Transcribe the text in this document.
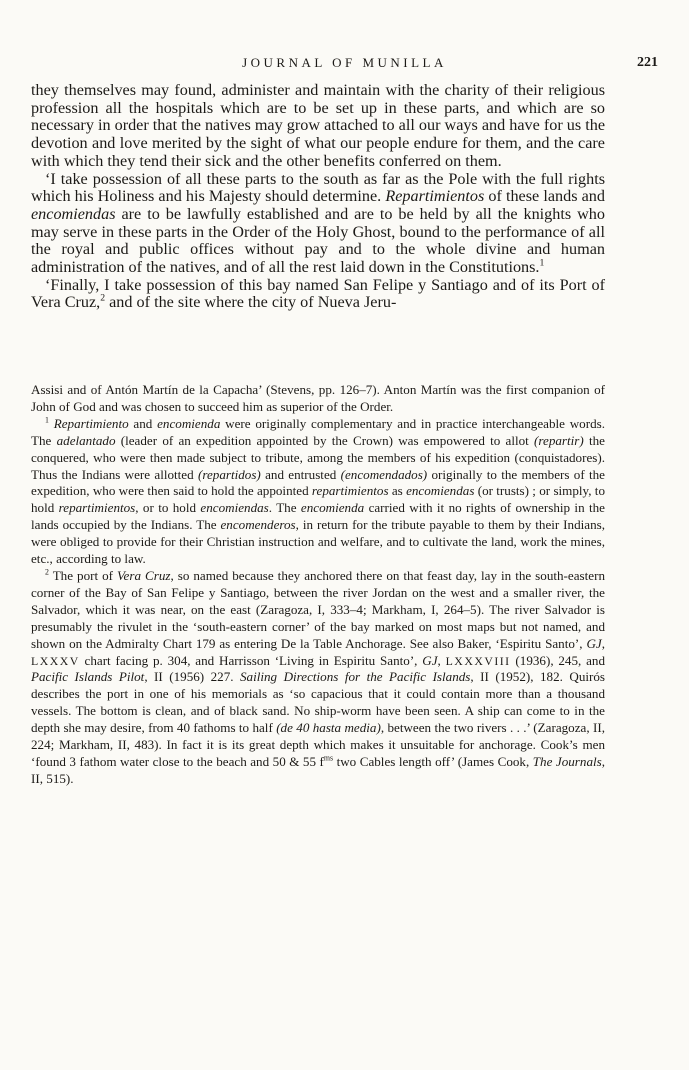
JOURNAL OF MUNILLA	221

they themselves may found, administer and maintain with the charity of their religious profession all the hospitals which are to be set up in these parts, and which are so necessary in order that the natives may grow attached to all our ways and have for us the devotion and love merited by the sight of what our people endure for them, and the care with which they tend their sick and the other benefits conferred on them.

‘I take possession of all these parts to the south as far as the Pole with the full rights which his Holiness and his Majesty should determine. Repartimientos of these lands and encomiendas are to be lawfully established and are to be held by all the knights who may serve in these parts in the Order of the Holy Ghost, bound to the performance of all the royal and public offices without pay and to the whole divine and human administration of the natives, and of all the rest laid down in the Constitutions.$^1$

‘Finally, I take possession of this bay named San Felipe y Santiago and of its Port of Vera Cruz,$^2$ and of the site where the city of Nueva Jeru-

Assisi and of Antón Martín de la Capacha’ (Stevens, pp. 126–7). Anton Martín was the first companion of John of God and was chosen to succeed him as superior of the Order.

$^1$ Repartimiento and encomienda were originally complementary and in practice interchangeable words. The adelantado (leader of an expedition appointed by the Crown) was empowered to allot (repartir) the conquered, who were then made subject to tribute, among the members of his expedition (conquistadores). Thus the Indians were allotted (repartidos) and entrusted (encomendados) originally to the members of the expedition, who were then said to hold the appointed repartimientos as encomiendas (or trusts) ; or simply, to hold repartimientos, or to hold encomiendas. The encomienda carried with it no rights of ownership in the lands occupied by the Indians. The encomenderos, in return for the tribute payable to them by their Indians, were obliged to provide for their Christian instruction and welfare, and to cultivate the land, work the mines, etc., according to law.

$^2$ The port of Vera Cruz, so named because they anchored there on that feast day, lay in the south-eastern corner of the Bay of San Felipe y Santiago, between the river Jordan on the west and a smaller river, the Salvador, which it was near, on the east (Zaragoza, I, 333–4; Markham, I, 264–5). The river Salvador is presumably the rivulet in the ‘south-eastern corner’ of the bay marked on most maps but not named, and shown on the Admiralty Chart 179 as entering De la Table Anchorage. See also Baker, ‘Espiritu Santo’, GJ, LXXXV chart facing p. 304, and Harrisson ‘Living in Espiritu Santo’, GJ, LXXXVIII (1936), 245, and Pacific Islands Pilot, II (1956) 227. Sailing Directions for the Pacific Islands, II (1952), 182. Quirós describes the port in one of his memorials as ‘so capacious that it could contain more than a thousand vessels. The bottom is clean, and of black sand. No ship-worm have been seen. A ship can come to in the depth she may desire, from 40 fathoms to half (de 40 hasta media), between the two rivers . . .’ (Zaragoza, II, 224; Markham, II, 483). In fact it is its great depth which makes it unsuitable for anchorage. Cook’s men ‘found 3 fathom water close to the beach and 50 & 55 $f^{ms}$ two Cables length off’ (James Cook, The Journals, II, 515).
